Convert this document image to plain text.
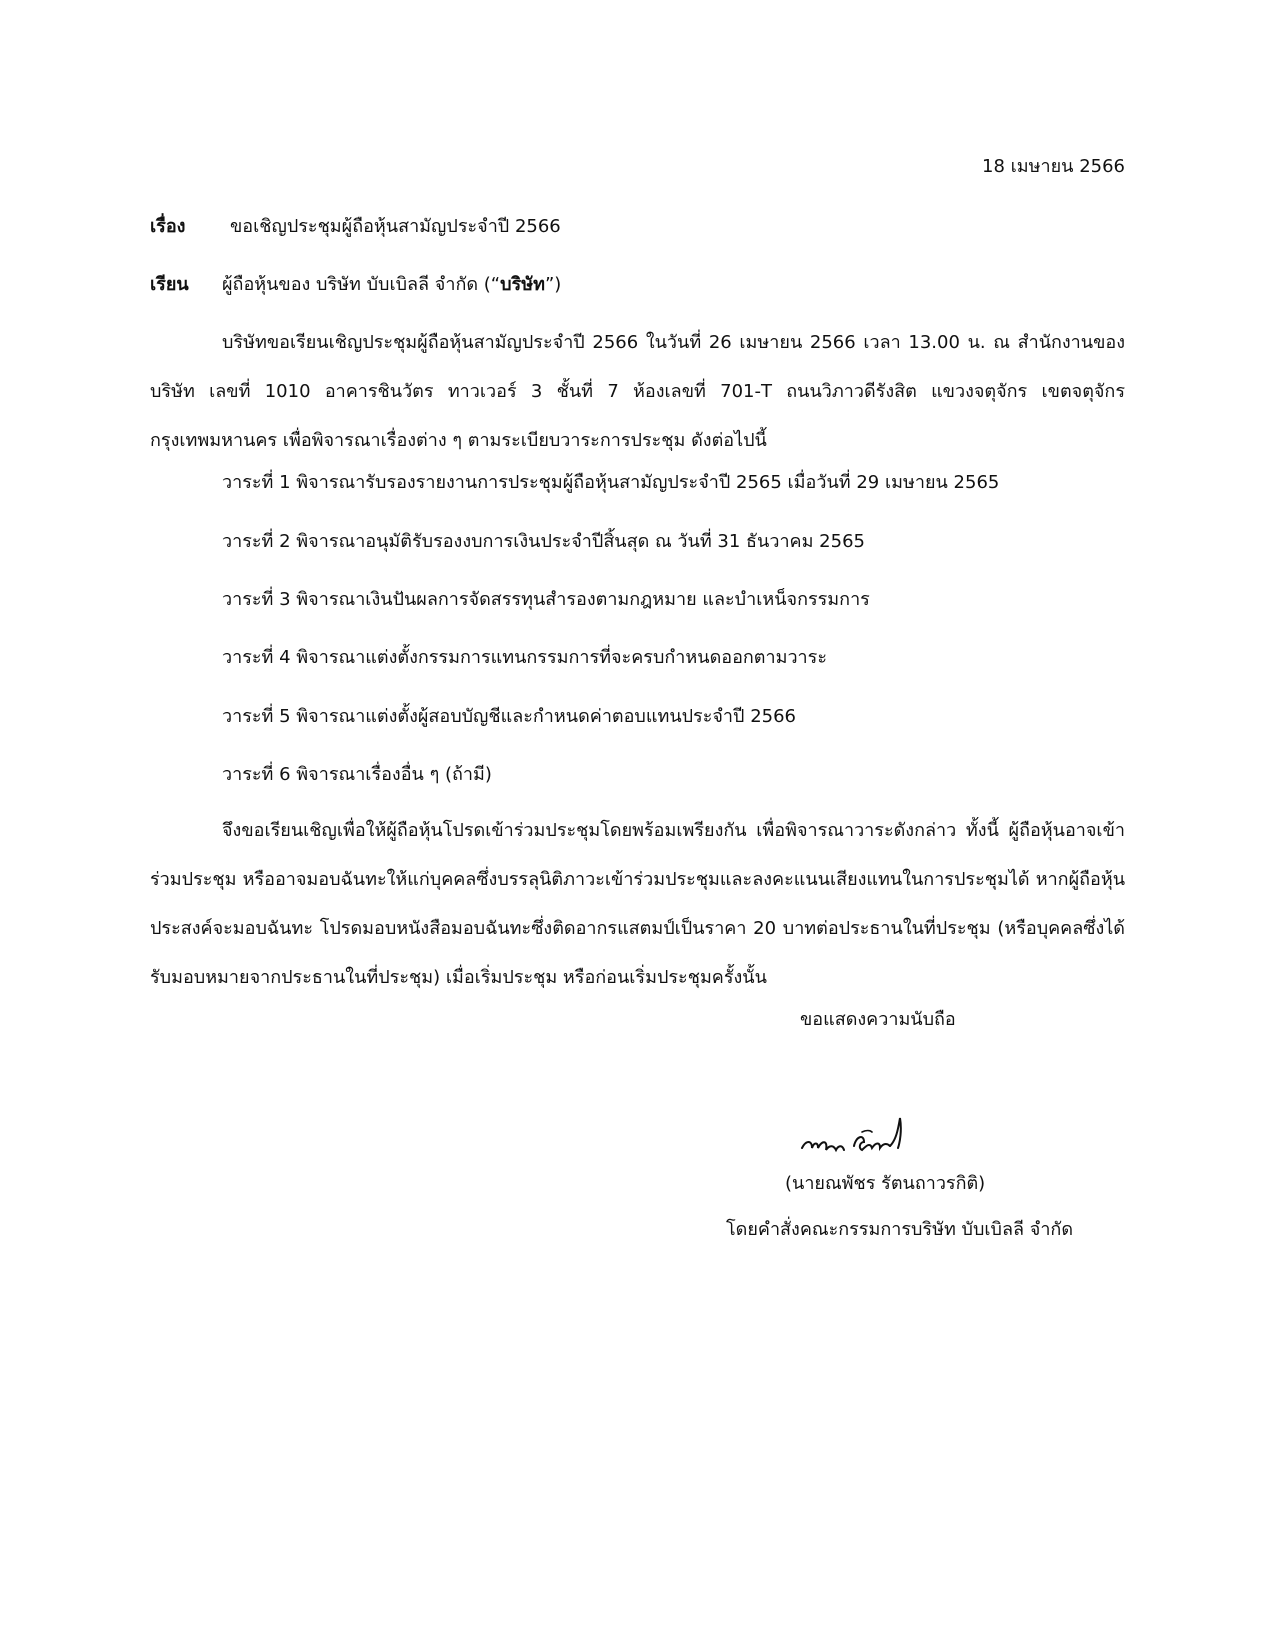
18 เมษายน 2566
เรื่อง ขอเชิญประชุมผู้ถือหุ้นสามัญประจำปี 2566
เรียน ผู้ถือหุ้นของ บริษัท บับเบิลลี จำกัด (“บริษัท”)
บริษัทขอเรียนเชิญประชุมผู้ถือหุ้นสามัญประจำปี 2566 ในวันที่ 26 เมษายน 2566 เวลา 13.00 น. ณ สำนักงานของบริษัท เลขที่ 1010 อาคารชินวัตร ทาวเวอร์ 3 ชั้นที่ 7 ห้องเลขที่ 701-T ถนนวิภาวดีรังสิต แขวงจตุจักร เขตจตุจักร กรุงเทพมหานคร เพื่อพิจารณาเรื่องต่าง ๆ ตามระเบียบวาระการประชุม ดังต่อไปนี้
วาระที่ 1 พิจารณารับรองรายงานการประชุมผู้ถือหุ้นสามัญประจำปี 2565 เมื่อวันที่ 29 เมษายน 2565
วาระที่ 2 พิจารณาอนุมัติรับรองงบการเงินประจำปีสิ้นสุด ณ วันที่ 31 ธันวาคม 2565
วาระที่ 3 พิจารณาเงินปันผลการจัดสรรทุนสำรองตามกฎหมาย และบำเหน็จกรรมการ
วาระที่ 4 พิจารณาแต่งตั้งกรรมการแทนกรรมการที่จะครบกำหนดออกตามวาระ
วาระที่ 5 พิจารณาแต่งตั้งผู้สอบบัญชีและกำหนดค่าตอบแทนประจำปี 2566
วาระที่ 6 พิจารณาเรื่องอื่น ๆ (ถ้ามี)
จึงขอเรียนเชิญเพื่อให้ผู้ถือหุ้นโปรดเข้าร่วมประชุมโดยพร้อมเพรียงกัน เพื่อพิจารณาวาระดังกล่าว ทั้งนี้ ผู้ถือหุ้นอาจเข้าร่วมประชุม หรืออาจมอบฉันทะให้แก่บุคคลซึ่งบรรลุนิติภาวะเข้าร่วมประชุมและลงคะแนนเสียงแทนในการประชุมได้ หากผู้ถือหุ้นประสงค์จะมอบฉันทะ โปรดมอบหนังสือมอบฉันทะซึ่งติดอากรแสตมป์เป็นราคา 20 บาทต่อประธานในที่ประชุม (หรือบุคคลซึ่งได้รับมอบหมายจากประธานในที่ประชุม) เมื่อเริ่มประชุม หรือก่อนเริ่มประชุมครั้งนั้น
ขอแสดงความนับถือ
(นายณพัชร รัตนถาวรกิติ)
โดยคำสั่งคณะกรรมการบริษัท บับเบิลลี จำกัด
